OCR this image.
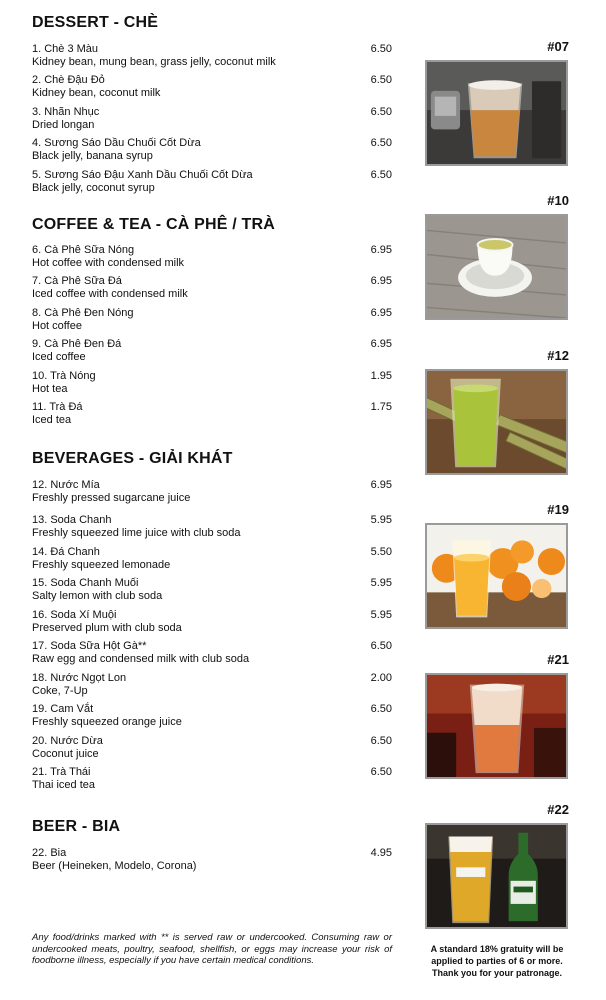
DESSERT - CHÈ
1. Chè 3 Màu
Kidney bean, mung bean, grass jelly, coconut milk
6.50
2. Chè Đậu Đỏ
Kidney bean, coconut milk
6.50
3. Nhãn Nhục
Dried longan
6.50
4. Sương Sáo Dầu Chuối Cốt Dừa
Black jelly, banana syrup
6.50
5. Sương Sáo Đậu Xanh Dầu Chuối Cốt Dừa
Black jelly, coconut syrup
6.50
COFFEE & TEA - CÀ PHÊ / TRÀ
6. Cà Phê Sữa Nóng
Hot coffee with condensed milk
6.95
7. Cà Phê Sữa Đá
Iced coffee with condensed milk
6.95
8. Cà Phê Đen Nóng
Hot coffee
6.95
9. Cà Phê Đen Đá
Iced coffee
6.95
10. Trà Nóng
Hot tea
1.95
11. Trà Đá
Iced tea
1.75
BEVERAGES - GIẢI KHÁT
12. Nước Mía
Freshly pressed sugarcane juice
6.95
13. Soda Chanh
Freshly squeezed lime juice with club soda
5.95
14. Đá Chanh
Freshly squeezed lemonade
5.50
15. Soda Chanh Muối
Salty lemon with club soda
5.95
16. Soda Xí Muội
Preserved plum with club soda
5.95
17. Soda Sữa Hột Gà**
Raw egg and condensed milk with club soda
6.50
18. Nước Ngọt Lon
Coke, 7-Up
2.00
19. Cam Vắt
Freshly squeezed orange juice
6.50
20. Nước Dừa
Coconut juice
6.50
21. Trà Thái
Thai iced tea
6.50
BEER - BIA
22. Bia
Beer (Heineken, Modelo, Corona)
4.95
#07
#10
#12
#19
#21
#22
Any food/drinks marked with ** is served raw or undercooked. Consuming raw or undercooked meats, poultry, seafood, shellfish, or eggs may increase your risk of foodborne illness, especially if you have certain medical conditions.
A standard 18% gratuity will be applied to parties of 6 or more. Thank you for your patronage.
